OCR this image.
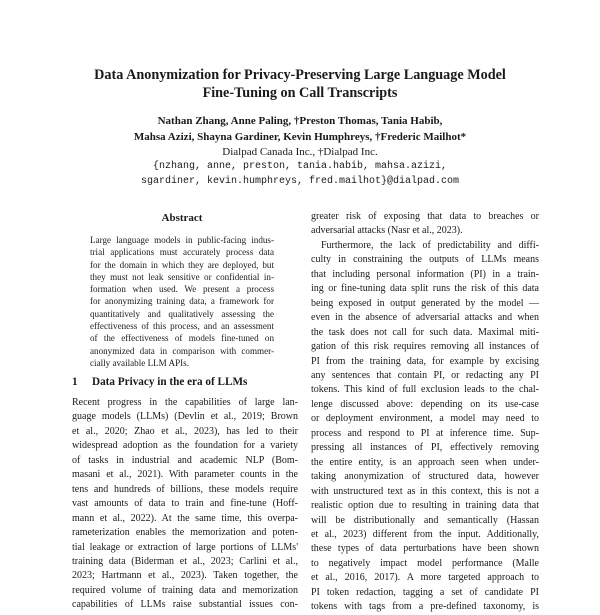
Data Anonymization for Privacy-Preserving Large Language Model
Fine-Tuning on Call Transcripts
Nathan Zhang, Anne Paling, †Preston Thomas, Tania Habib,
Mahsa Azizi, Shayna Gardiner, Kevin Humphreys, †Frederic Mailhot*
Dialpad Canada Inc., †Dialpad Inc.
{nzhang, anne, preston, tania.habib, mahsa.azizi,
sgardiner, kevin.humphreys, fred.mailhot}@dialpad.com
Abstract
Large language models in public-facing indus-
trial applications must accurately process data
for the domain in which they are deployed, but
they must not leak sensitive or confidential in-
formation when used. We present a process
for anonymizing training data, a framework for
quantitatively and qualitatively assessing the
effectiveness of this process, and an assessment
of the effectiveness of models fine-tuned on
anonymized data in comparison with commer-
cially available LLM APIs.
1 Data Privacy in the era of LLMs
Recent progress in the capabilities of large lan-
guage models (LLMs) (Devlin et al., 2019; Brown
et al., 2020; Zhao et al., 2023), has led to their
widespread adoption as the foundation for a variety
of tasks in industrial and academic NLP (Bom-
masani et al., 2021). With parameter counts in the
tens and hundreds of billions, these models require
vast amounts of data to train and fine-tune (Hoff-
mann et al., 2022). At the same time, this overpa-
rameterization enables the memorization and poten-
tial leakage or extraction of large portions of LLMs'
training data (Biderman et al., 2023; Carlini et al.,
2023; Hartmann et al., 2023). Taken together, the
required volume of training data and memorization
capabilities of LLMs raise substantial issues con-
greater risk of exposing that data to breaches or
adversarial attacks (Nasr et al., 2023).
Furthermore, the lack of predictability and diffi-
culty in constraining the outputs of LLMs means
that including personal information (PI) in a train-
ing or fine-tuning data split runs the risk of this data
being exposed in output generated by the model —
even in the absence of adversarial attacks and when
the task does not call for such data. Maximal miti-
gation of this risk requires removing all instances of
PI from the training data, for example by excising
any sentences that contain PI, or redacting any PI
tokens. This kind of full exclusion leads to the chal-
lenge discussed above: depending on its use-case
or deployment environment, a model may need to
process and respond to PI at inference time. Sup-
pressing all instances of PI, effectively removing
the entire entity, is an approach seen when under-
taking anonymization of structured data, however
with unstructured text as in this context, this is not a
realistic option due to resulting in training data that
will be distributionally and semantically (Hassan
et al., 2023) different from the input. Additionally,
these types of data perturbations have been shown
to negatively impact model performance (Malle
et al., 2016, 2017). A more targeted approach to
PI token redaction, tagging a set of candidate PI
tokens with tags from a pre-defined taxonomy, is
